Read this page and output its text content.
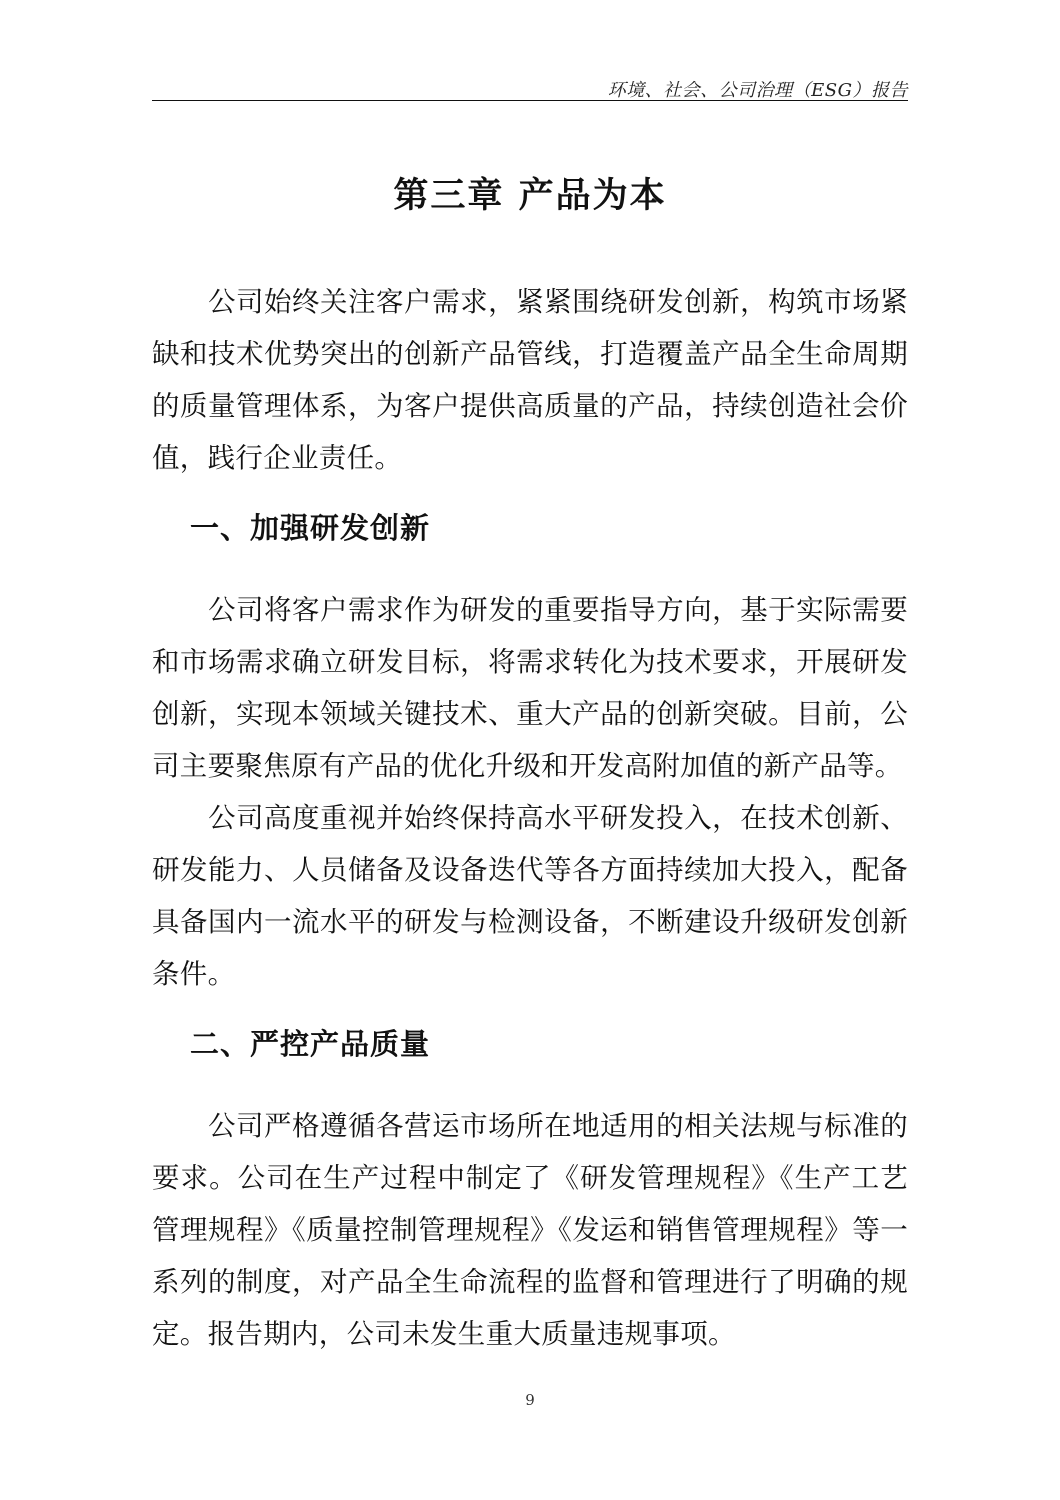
环境、社会、公司治理（ESG）报告
第三章 产品为本

公司始终关注客户需求，紧紧围绕研发创新，构筑市场紧缺和技术优势突出的创新产品管线，打造覆盖产品全生命周期的质量管理体系，为客户提供高质量的产品，持续创造社会价值，践行企业责任。

一、加强研发创新

公司将客户需求作为研发的重要指导方向，基于实际需要和市场需求确立研发目标，将需求转化为技术要求，开展研发创新，实现本领域关键技术、重大产品的创新突破。目前，公司主要聚焦原有产品的优化升级和开发高附加值的新产品等。

公司高度重视并始终保持高水平研发投入，在技术创新、研发能力、人员储备及设备迭代等各方面持续加大投入，配备具备国内一流水平的研发与检测设备，不断建设升级研发创新条件。

二、严控产品质量

公司严格遵循各营运市场所在地适用的相关法规与标准的要求。公司在生产过程中制定了《研发管理规程》《生产工艺管理规程》《质量控制管理规程》《发运和销售管理规程》等一系列的制度，对产品全生命流程的监督和管理进行了明确的规定。报告期内，公司未发生重大质量违规事项。

9
